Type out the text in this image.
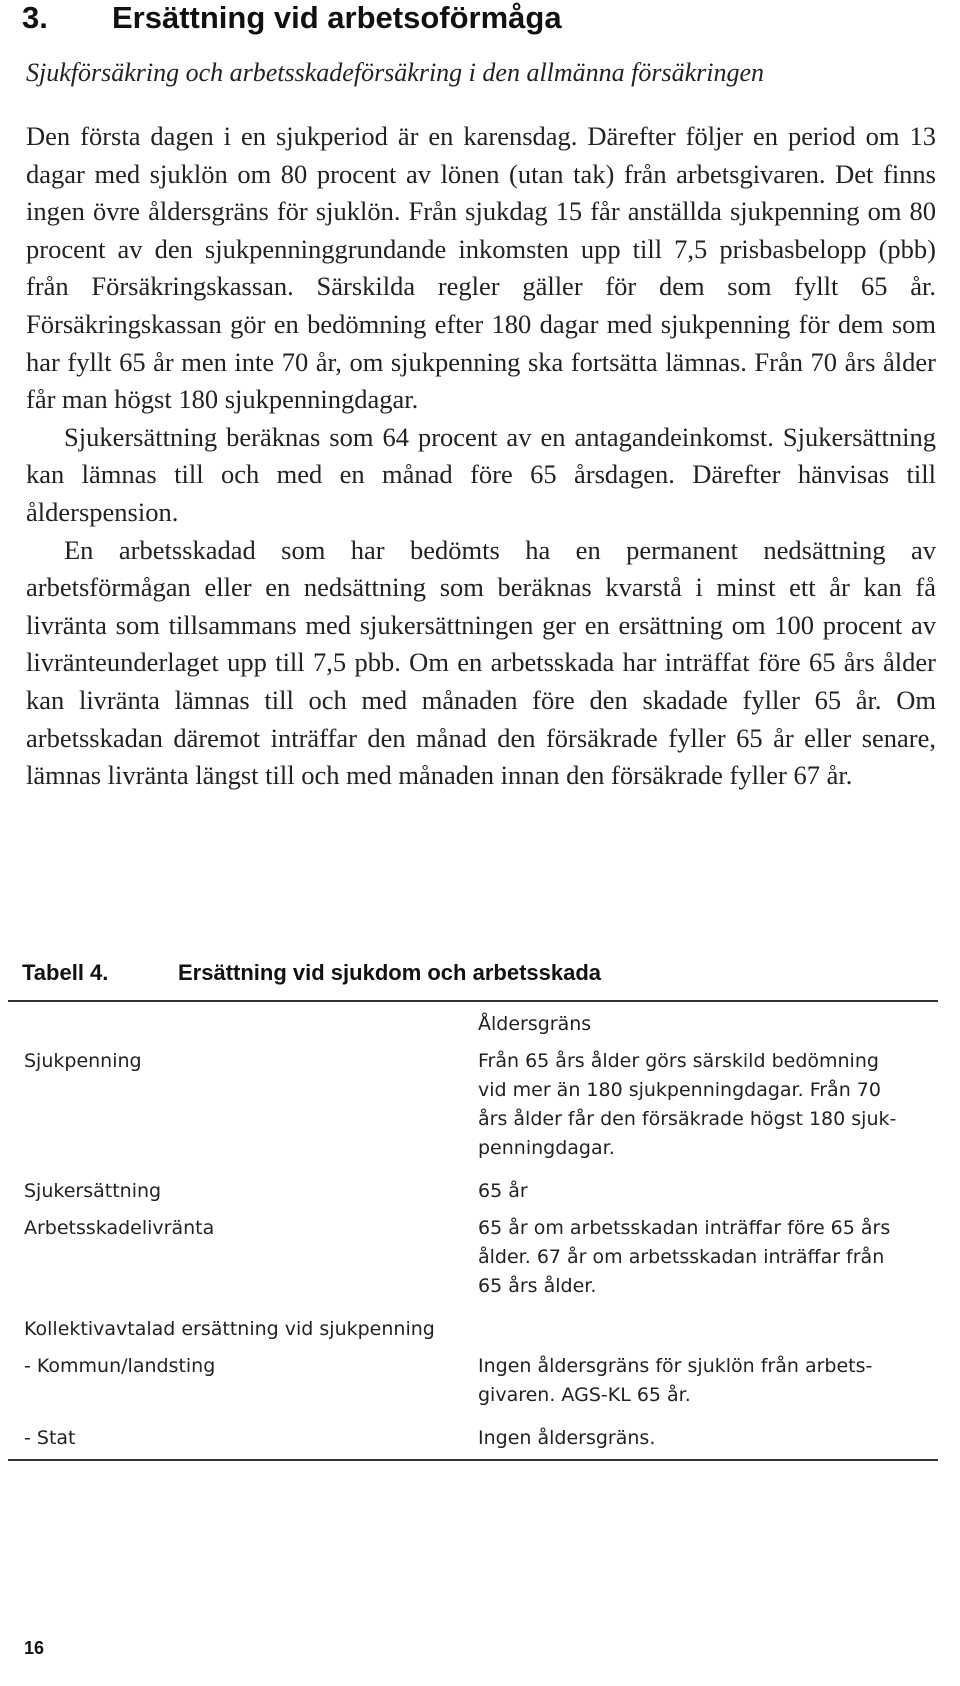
3. Ersättning vid arbetsoförmåga
Sjukförsäkring och arbetsskadeförsäkring i den allmänna försäkringen

Den första dagen i en sjukperiod är en karensdag. Därefter följer en period om 13 dagar med sjuklön om 80 procent av lönen (utan tak) från arbetsgivaren. Det finns ingen övre åldersgräns för sjuklön. Från sjukdag 15 får anställda sjukpenning om 80 procent av den sjukpenninggrundande inkomsten upp till 7,5 prisbasbelopp (pbb) från Försäkringskassan. Särskilda regler gäller för dem som fyllt 65 år. Försäkringskassan gör en bedömning efter 180 dagar med sjukpenning för dem som har fyllt 65 år men inte 70 år, om sjukpenning ska fortsätta lämnas. Från 70 års ålder får man högst 180 sjukpenningdagar.

Sjukersättning beräknas som 64 procent av en antagandeinkomst. Sjukersättning kan lämnas till och med en månad före 65 årsdagen. Därefter hänvisas till ålderspension.

En arbetsskadad som har bedömts ha en permanent nedsättning av arbetsförmågan eller en nedsättning som beräknas kvarstå i minst ett år kan få livränta som tillsammans med sjukersättningen ger en ersättning om 100 procent av livränteunderlaget upp till 7,5 pbb. Om en arbetsskada har inträffat före 65 års ålder kan livränta lämnas till och med månaden före den skadade fyller 65 år. Om arbetsskadan däremot inträffar den månad den försäkrade fyller 65 år eller senare, lämnas livränta längst till och med månaden innan den försäkrade fyller 67 år.

Tabell 4.	Ersättning vid sjukdom och arbetsskada
Åldersgräns
Sjukpenning	Från 65 års ålder görs särskild bedömning vid mer än 180 sjukpenningdagar. Från 70 års ålder får den försäkrade högst 180 sjukpenningdagar.
Sjukersättning	65 år
Arbetsskadelivränta	65 år om arbetsskadan inträffar före 65 års ålder. 67 år om arbetsskadan inträffar från 65 års ålder.
Kollektivavtalad ersättning vid sjukpenning
- Kommun/landsting	Ingen åldersgräns för sjuklön från arbetsgivaren. AGS-KL 65 år.
- Stat	Ingen åldersgräns.
16
